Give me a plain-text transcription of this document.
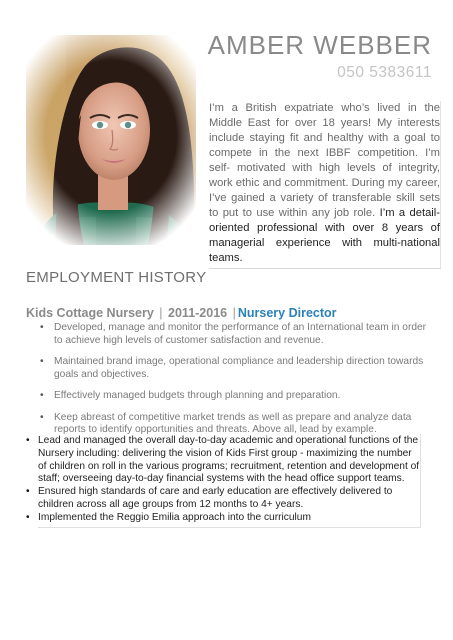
AMBER WEBBER
050 5383611
I’m a British expatriate who’s lived in the Middle East for over 18 years! My interests include staying fit and healthy with a goal to compete in the next IBBF competition. I’m self- motivated with high levels of integrity, work ethic and commitment. During my career, I’ve gained a variety of transferable skill sets to put to use within any job role. I’m a detail-oriented professional with over 8 years of managerial experience with multi-national teams.
EMPLOYMENT HISTORY
Kids Cottage Nursery | 2011-2016 | Nursery Director
• Developed, manage and monitor the performance of an International team in order to achieve high levels of customer satisfaction and revenue.
• Maintained brand image, operational compliance and leadership direction towards goals and objectives.
• Effectively managed budgets through planning and preparation.
• Keep abreast of competitive market trends as well as prepare and analyze data reports to identify opportunities and threats. Above all, lead by example.
• Lead and managed the overall day-to-day academic and operational functions of the Nursery including: delivering the vision of Kids First group - maximizing the number of children on roll in the various programs; recruitment, retention and development of staff; overseeing day-to-day financial systems with the head office support teams.
• Ensured high standards of care and early education are effectively delivered to children across all age groups from 12 months to 4+ years.
• Implemented the Reggio Emilia approach into the curriculum
